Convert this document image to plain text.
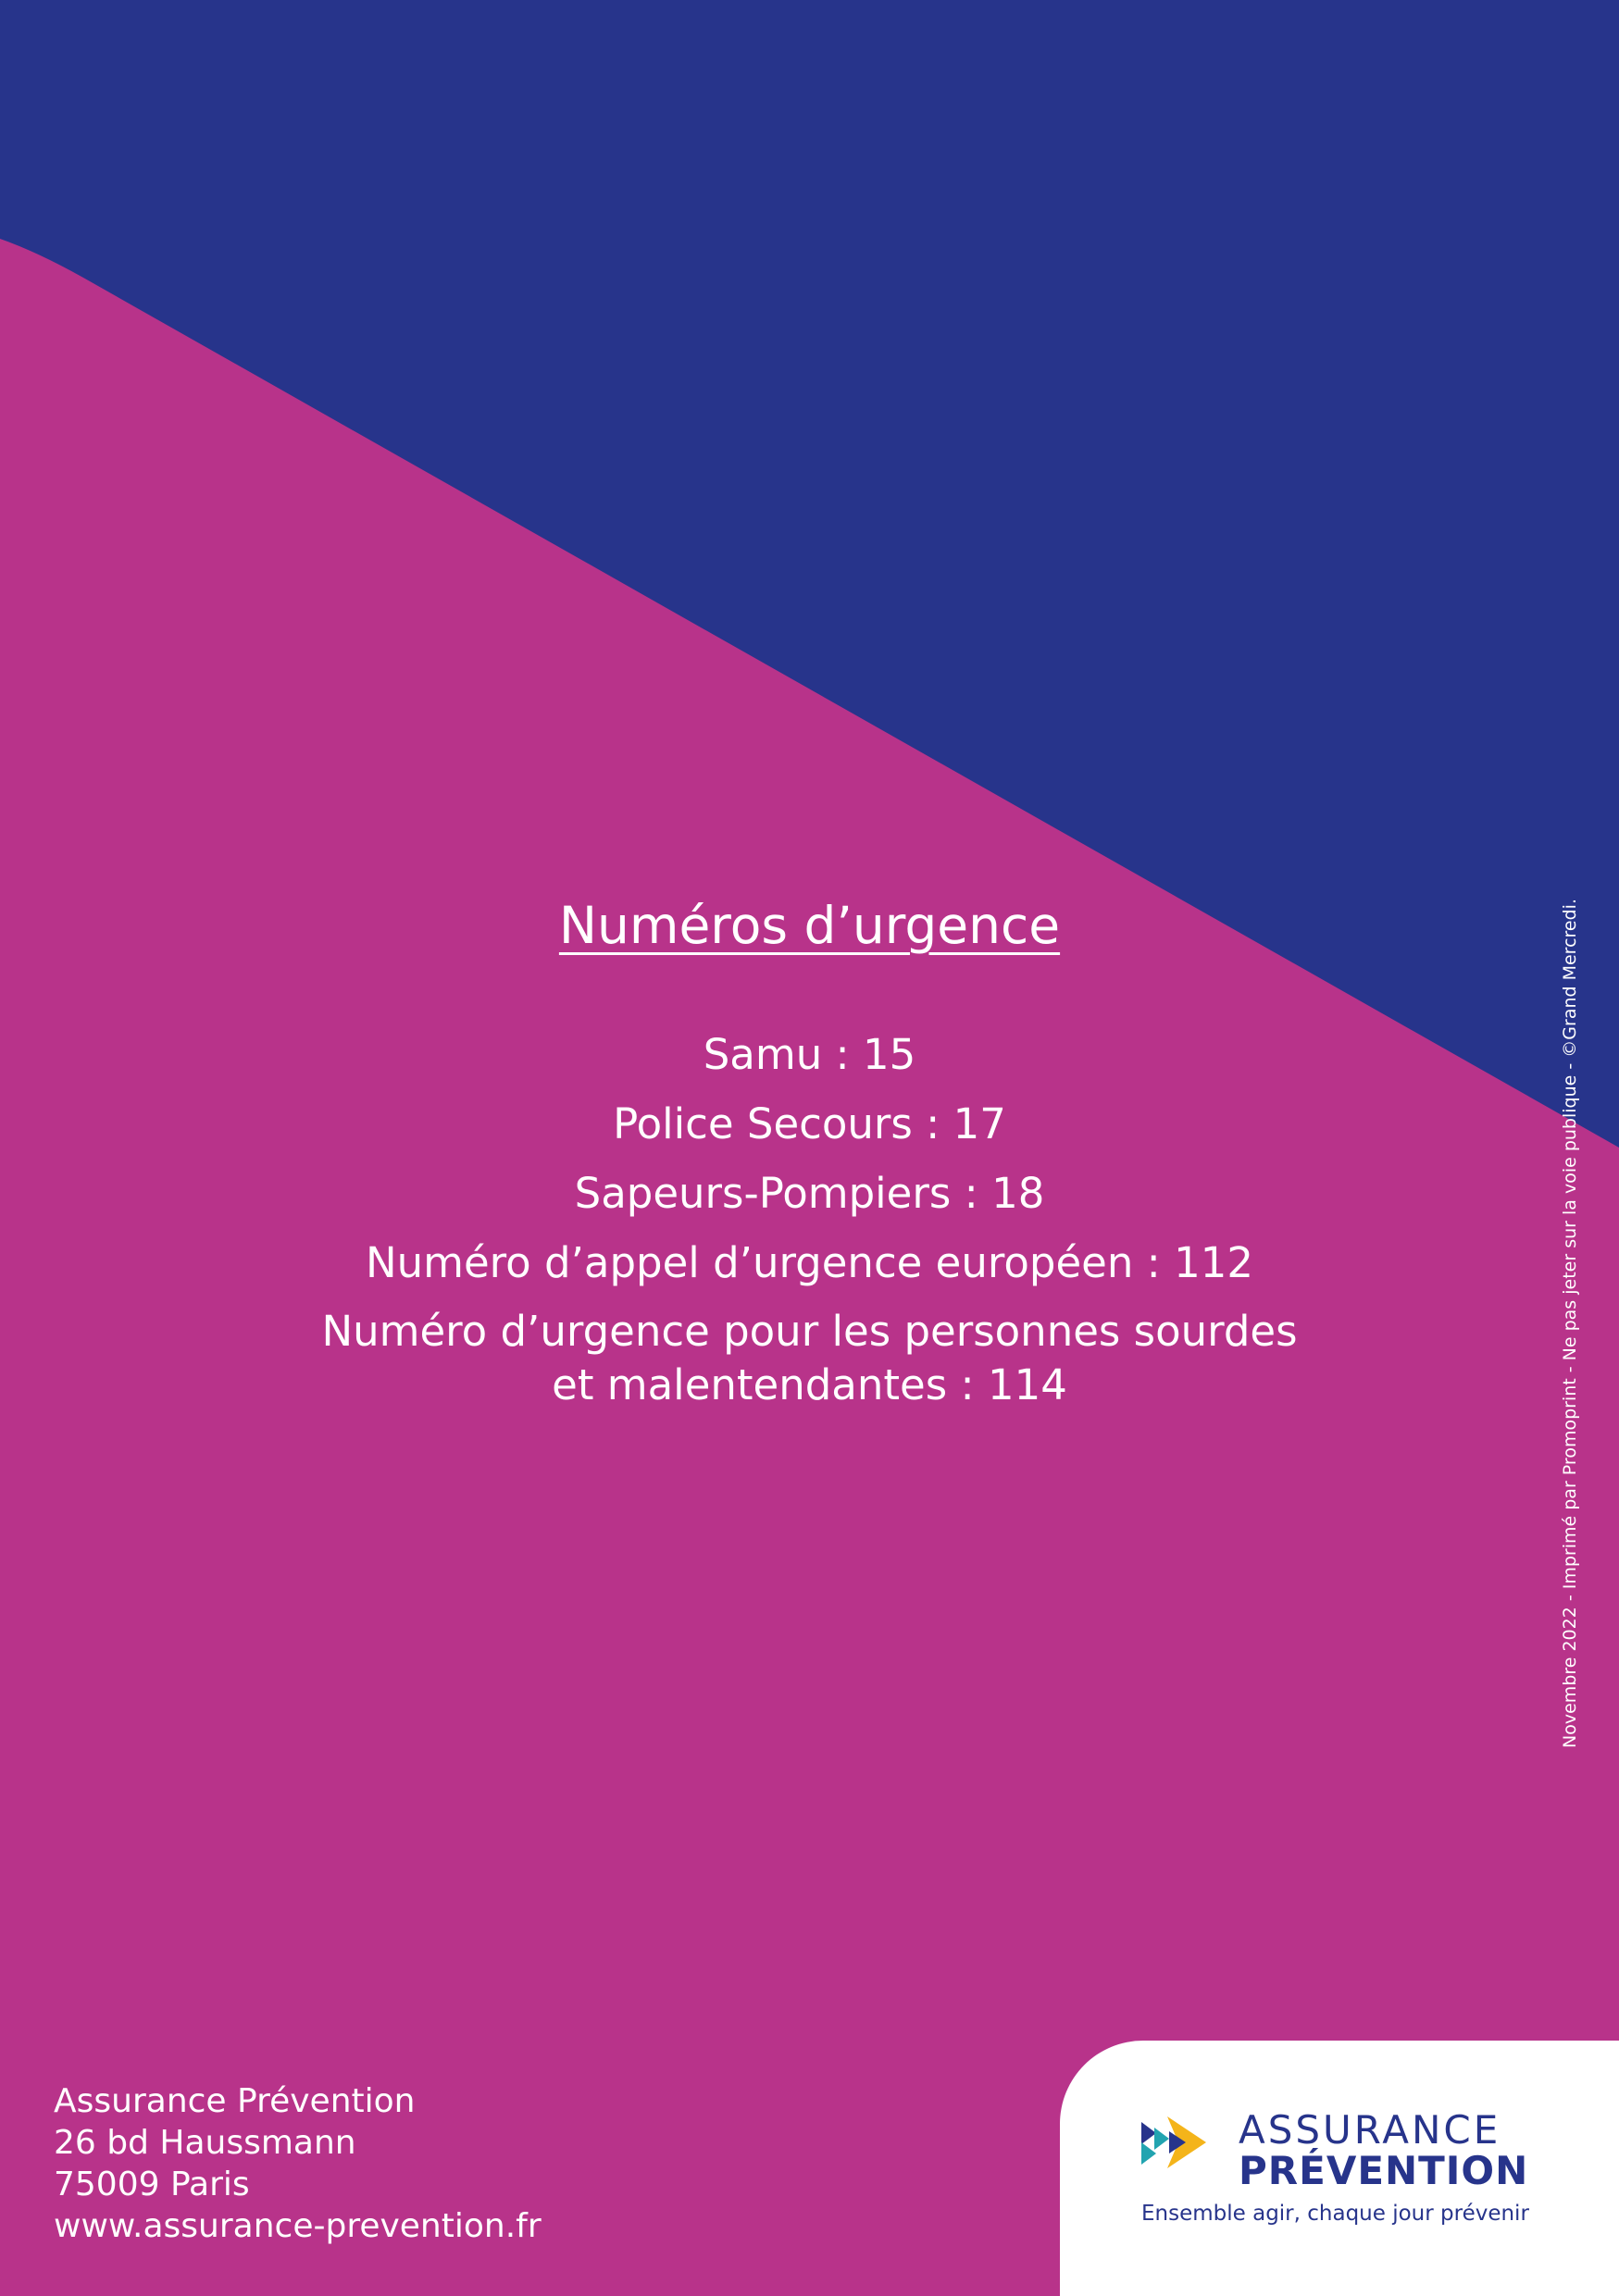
Numéros d’urgence
Samu : 15
Police Secours : 17
Sapeurs-Pompiers : 18
Numéro d’appel d’urgence européen : 112
Numéro d’urgence pour les personnes sourdes
et malentendantes : 114	Novembre 2022 - Imprimé par Promoprint - Ne pas jeter sur la voie publique - ©Grand Mercredi.
Assurance Prévention
26 bd Haussmann
75009 Paris
www.assurance-prevention.fr
ASSURANCE
PRÉVENTION
Ensemble agir, chaque jour prévenir
